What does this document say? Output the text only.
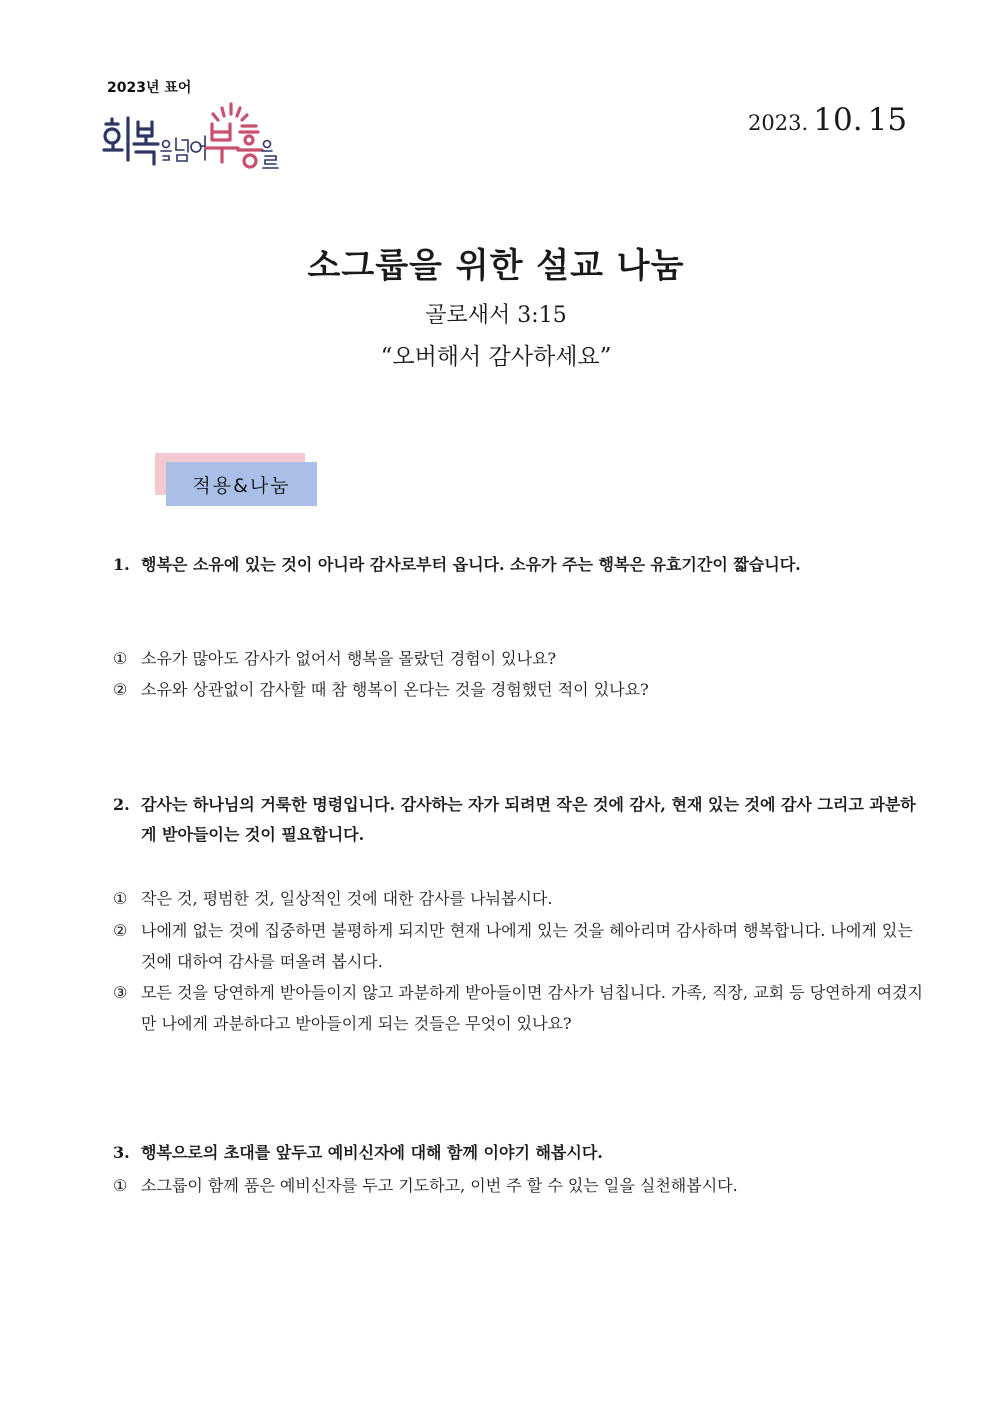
2023년 표어
2023. 10. 15
소그룹을 위한 설교 나눔
골로새서 3:15
“오버해서 감사하세요”
적용&나눔
1. 행복은 소유에 있는 것이 아니라 감사로부터 옵니다. 소유가 주는 행복은 유효기간이 짧습니다.
① 소유가 많아도 감사가 없어서 행복을 몰랐던 경험이 있나요?
② 소유와 상관없이 감사할 때 참 행복이 온다는 것을 경험했던 적이 있나요?
2. 감사는 하나님의 거룩한 명령입니다. 감사하는 자가 되려면 작은 것에 감사, 현재 있는 것에 감사 그리고 과분하게 받아들이는 것이 필요합니다.
① 작은 것, 평범한 것, 일상적인 것에 대한 감사를 나눠봅시다.
② 나에게 없는 것에 집중하면 불평하게 되지만 현재 나에게 있는 것을 헤아리며 감사하며 행복합니다. 나에게 있는 것에 대하여 감사를 떠올려 봅시다.
③ 모든 것을 당연하게 받아들이지 않고 과분하게 받아들이면 감사가 넘칩니다. 가족, 직장, 교회 등 당연하게 여겼지만 나에게 과분하다고 받아들이게 되는 것들은 무엇이 있나요?
3. 행복으로의 초대를 앞두고 예비신자에 대해 함께 이야기 해봅시다.
① 소그룹이 함께 품은 예비신자를 두고 기도하고, 이번 주 할 수 있는 일을 실천해봅시다.
